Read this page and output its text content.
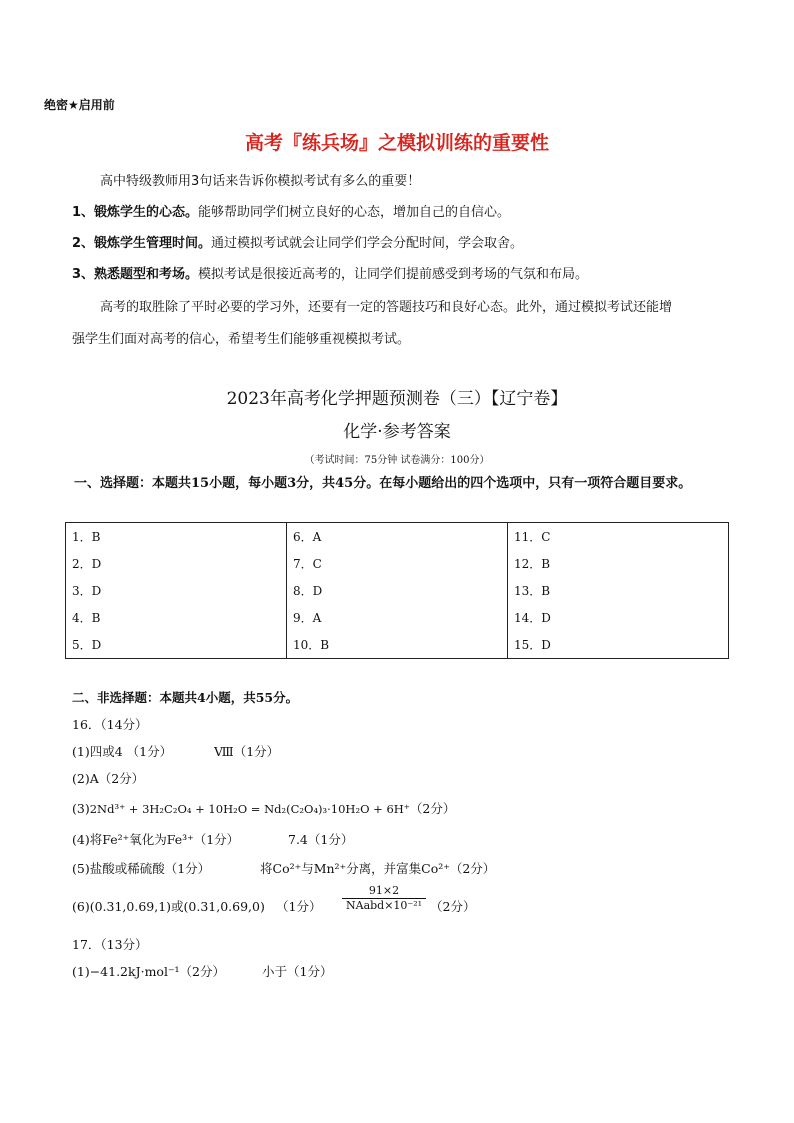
绝密★启用前
高考『练兵场』之模拟训练的重要性
高中特级教师用3句话来告诉你模拟考试有多么的重要！
1、锻炼学生的心态。能够帮助同学们树立良好的心态，增加自己的自信心。
2、锻炼学生管理时间。通过模拟考试就会让同学们学会分配时间，学会取舍。
3、熟悉题型和考场。模拟考试是很接近高考的，让同学们提前感受到考场的气氛和布局。
高考的取胜除了平时必要的学习外，还要有一定的答题技巧和良好心态。此外，通过模拟考试还能增
强学生们面对高考的信心，希望考生们能够重视模拟考试。
2023年高考化学押题预测卷（三）【辽宁卷】
化学·参考答案
（考试时间：75分钟 试卷满分：100分）
一、选择题：本题共15小题，每小题3分，共45分。在每小题给出的四个选项中，只有一项符合题目要求。
1．B	6．A	11．C
2．D	7．C	12．B
3．D	8．D	13．B
4．B	9．A	14．D
5．D	10．B	15．D
二、非选择题：本题共4小题，共55分。
16．（14分）
(1)四或4 （1分）	Ⅷ（1分）
(2)A（2分）
(3)2Nd³⁺ + 3H₂C₂O₄ + 10H₂O = Nd₂(C₂O₄)₃·10H₂O + 6H⁺（2分）
(4)将Fe²⁺氧化为Fe³⁺（1分）	7.4（1分）
(5)盐酸或稀硫酸（1分）	将Co²⁺与Mn²⁺分离，并富集Co²⁺（2分）
(6)(0.31,0.69,1)或(0.31,0.69,0) （1分） $\frac{91\times 2}{\text{NAabd×10⁻²¹}} (2$分）
17．（13分）
(1)−41.2kJ·mol⁻¹（2分）	小于（1分）
